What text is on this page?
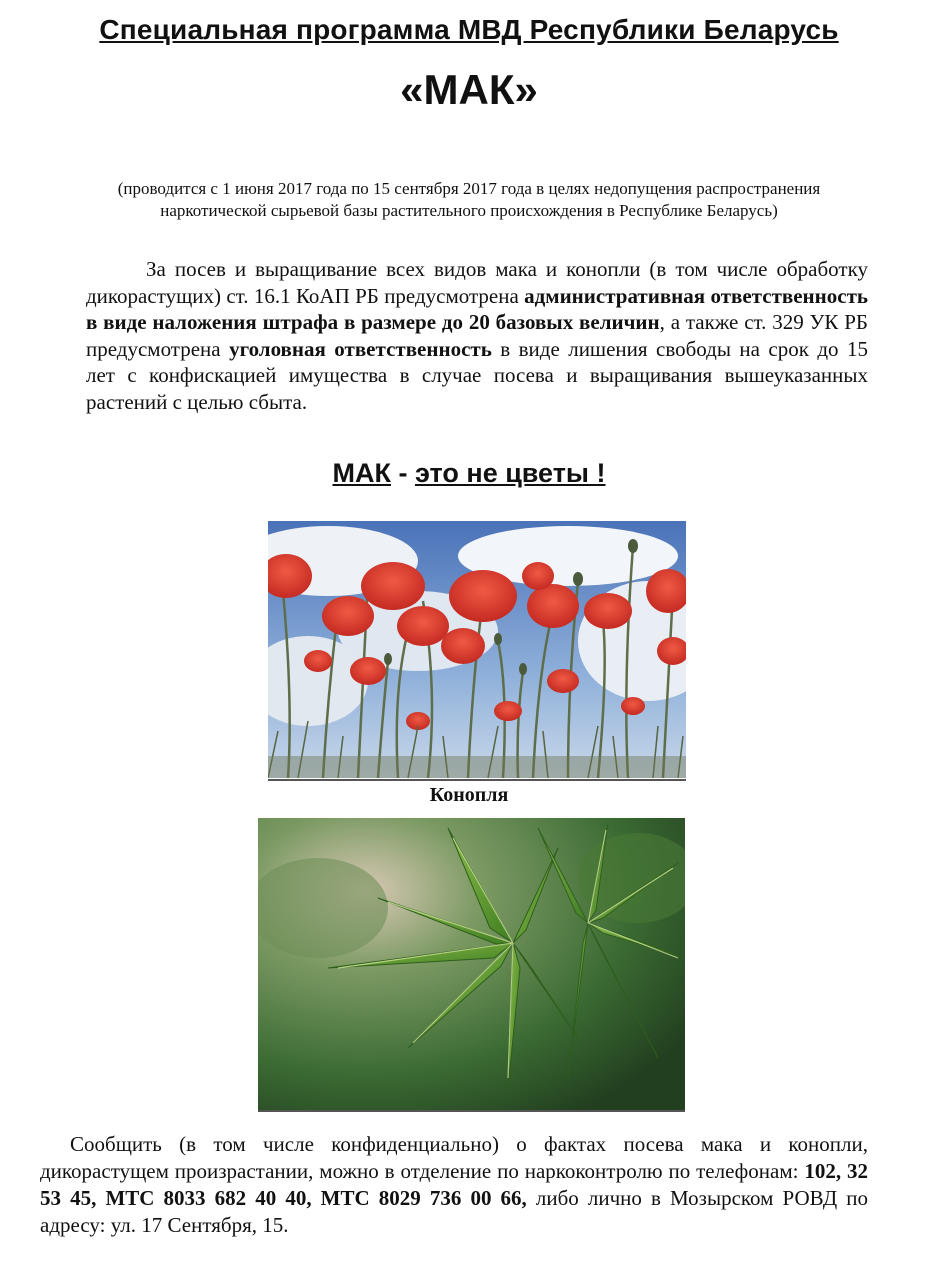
Специальная программа МВД Республики Беларусь
«МАК»
(проводится с 1 июня 2017 года по 15 сентября 2017 года в целях недопущения распространения
наркотической сырьевой базы растительного происхождения в Республике Беларусь)

За посев и выращивание всех видов мака и конопли (в том числе обработку дикорастущих) ст. 16.1 КоАП РБ предусмотрена административная ответственность в виде наложения штрафа в размере до 20 базовых величин, а также ст. 329 УК РБ предусмотрена уголовная ответственность в виде лишения свободы на срок до 15 лет с конфискацией имущества в случае посева и выращивания вышеуказанных растений с целью сбыта.

МАК - это не цветы !
Конопля

Сообщить (в том числе конфиденциально) о фактах посева мака и конопли, дикорастущем произрастании, можно в отделение по наркоконтролю по телефонам: 102, 32 53 45, МТС 8033 682 40 40, МТС 8029 736 00 66, либо лично в Мозырском РОВД по адресу: ул. 17 Сентября, 15.
